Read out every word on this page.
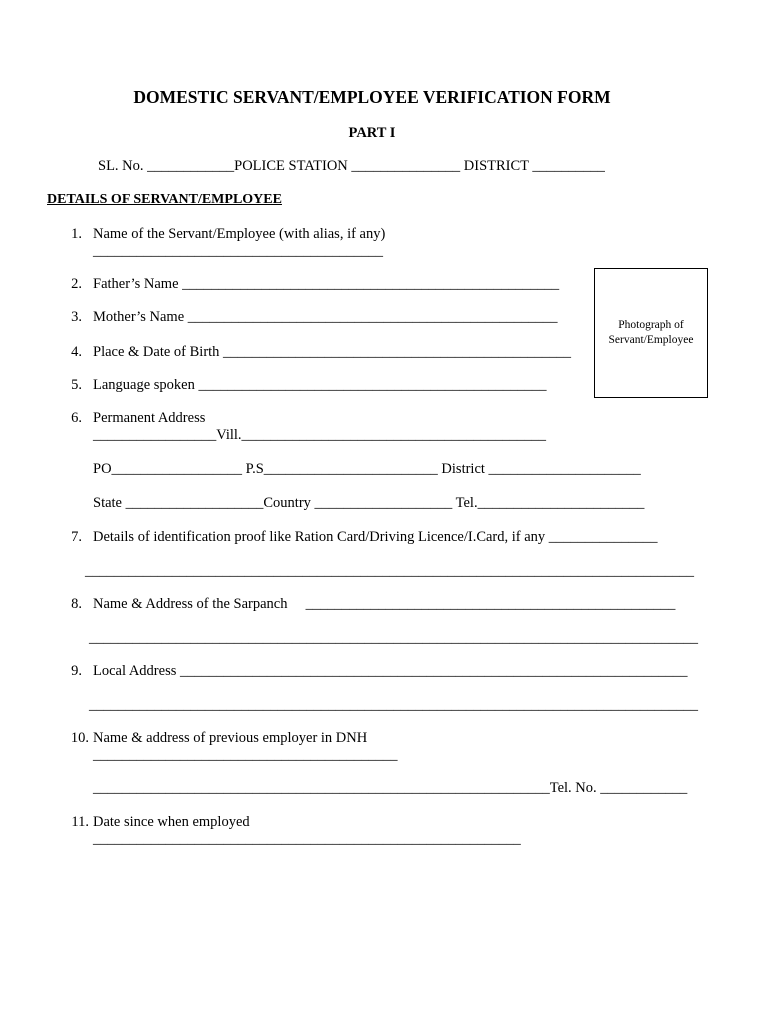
DOMESTIC SERVANT/EMPLOYEE VERIFICATION FORM
PART I
SL. No. ____________POLICE STATION _______________ DISTRICT __________
DETAILS OF SERVANT/EMPLOYEE
1. Name of the Servant/Employee (with alias, if any)
________________________________________
2. Father’s Name ____________________________________________________
3. Mother’s Name ___________________________________________________
4. Place & Date of Birth ________________________________________________
5. Language spoken ________________________________________________
Photograph of
Servant/Employee
6. Permanent Address
_________________Vill.__________________________________________
PO__________________ P.S________________________ District _____________________
State ___________________Country ___________________ Tel._______________________
7. Details of identification proof like Ration Card/Driving Licence/I.Card, if any _______________
____________________________________________________________________________________
8. Name & Address of the Sarpanch     ___________________________________________________
____________________________________________________________________________________
9. Local Address ______________________________________________________________________
____________________________________________________________________________________
10. Name & address of previous employer in DNH
__________________________________________
_______________________________________________________________Tel. No. ____________
11. Date since when employed
___________________________________________________________
